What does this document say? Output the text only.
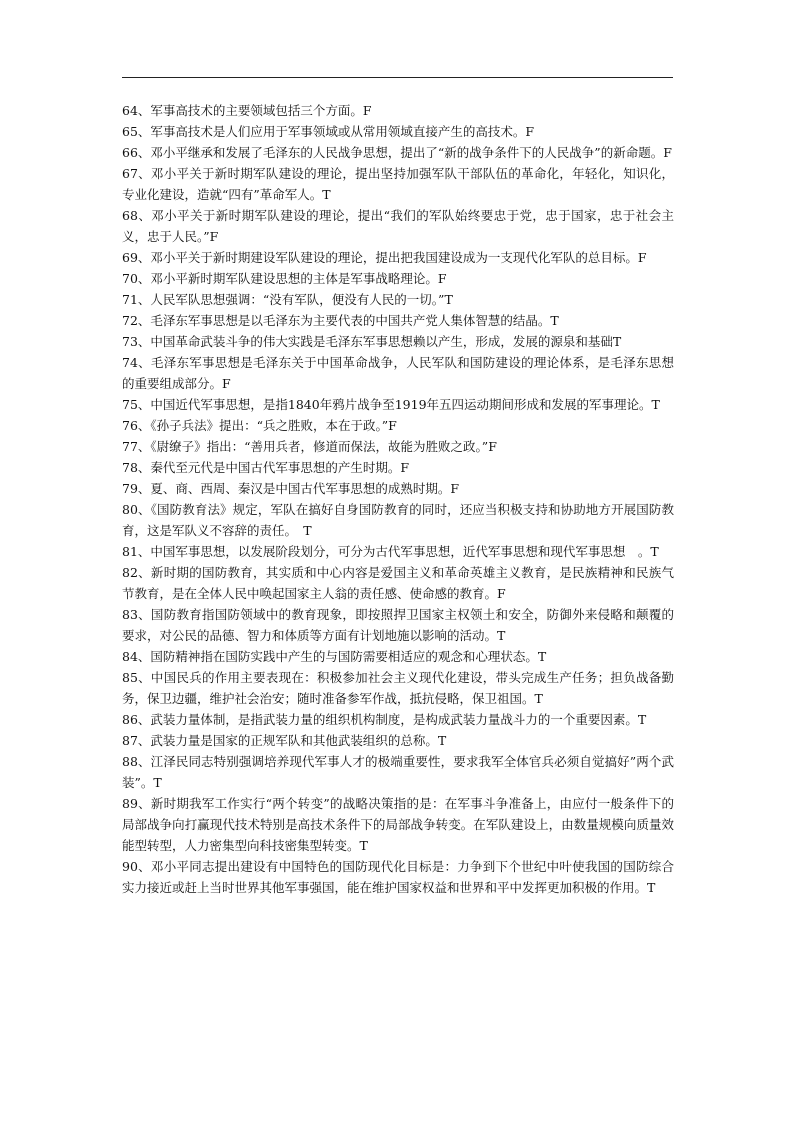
64、军事高技术的主要领域包括三个方面。F

65、军事高技术是人们应用于军事领域或从常用领域直接产生的高技术。F

66、邓小平继承和发展了毛泽东的人民战争思想，提出了“新的战争条件下的人民战争”的新命题。F

67、邓小平关于新时期军队建设的理论，提出坚持加强军队干部队伍的革命化，年轻化，知识化，专业化建设，造就“四有”革命军人。T

68、邓小平关于新时期军队建设的理论，提出“我们的军队始终要忠于党，忠于国家，忠于社会主义，忠于人民。”F

69、邓小平关于新时期建设军队建设的理论，提出把我国建设成为一支现代化军队的总目标。F

70、邓小平新时期军队建设思想的主体是军事战略理论。F

71、人民军队思想强调：“没有军队，便没有人民的一切。”T

72、毛泽东军事思想是以毛泽东为主要代表的中国共产党人集体智慧的结晶。T

73、中国革命武装斗争的伟大实践是毛泽东军事思想赖以产生，形成，发展的源泉和基础T

74、毛泽东军事思想是毛泽东关于中国革命战争，人民军队和国防建设的理论体系，是毛泽东思想的重要组成部分。F

75、中国近代军事思想，是指1840年鸦片战争至1919年五四运动期间形成和发展的军事理论。T

76、《孙子兵法》提出：“兵之胜败，本在于政。”F

77、《尉缭子》指出：“善用兵者，修道而保法，故能为胜败之政。”F

78、秦代至元代是中国古代军事思想的产生时期。F

79、夏、商、西周、秦汉是中国古代军事思想的成熟时期。F

80、《国防教育法》规定，军队在搞好自身国防教育的同时，还应当积极支持和协助地方开展国防教育，这是军队义不容辞的责任。　T

81、中国军事思想，以发展阶段划分，可分为古代军事思想，近代军事思想和现代军事思想　。T

82、新时期的国防教育，其实质和中心内容是爱国主义和革命英雄主义教育，是民族精神和民族气节教育，是在全体人民中唤起国家主人翁的责任感、使命感的教育。F

83、国防教育指国防领域中的教育现象，即按照捍卫国家主权领土和安全，防御外来侵略和颠覆的要求，对公民的品德、智力和体质等方面有计划地施以影响的活动。T

84、国防精神指在国防实践中产生的与国防需要相适应的观念和心理状态。T

85、中国民兵的作用主要表现在：积极参加社会主义现代化建设，带头完成生产任务；担负战备勤务，保卫边疆，维护社会治安；随时准备参军作战，抵抗侵略，保卫祖国。T

86、武装力量体制，是指武装力量的组织机构制度，是构成武装力量战斗力的一个重要因素。T

87、武装力量是国家的正规军队和其他武装组织的总称。T

88、江泽民同志特别强调培养现代军事人才的极端重要性，要求我军全体官兵必须自觉搞好”两个武装”。T

89、新时期我军工作实行“两个转变”的战略决策指的是：在军事斗争准备上，由应付一般条件下的局部战争向打赢现代技术特别是高技术条件下的局部战争转变。在军队建设上，由数量规模向质量效能型转型，人力密集型向科技密集型转变。T

90、邓小平同志提出建设有中国特色的国防现代化目标是：力争到下个世纪中叶使我国的国防综合实力接近或赶上当时世界其他军事强国，能在维护国家权益和世界和平中发挥更加积极的作用。T
